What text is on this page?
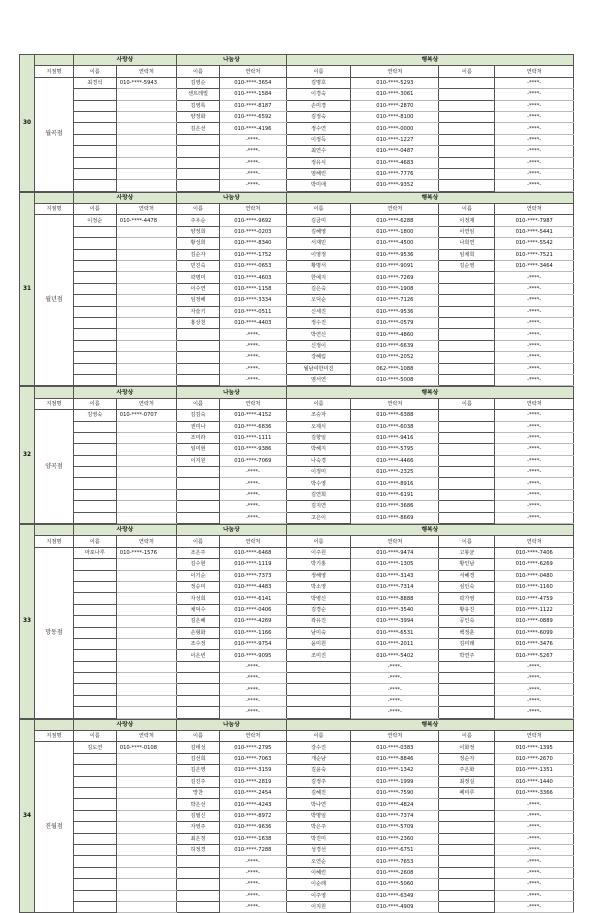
30		사랑상		나눔상		행복상			
	지점명	이름	연락처	이름	연락처	이름	연락처	이름	연락처
	월곡점	최경석	010-****-5943	김영순	010-****-3654	김명호	010-****-5293		-****-
				센트레빌	010-****-1584	이경숙	010-****-3061		-****-
				김영록	010-****-8187	손미경	010-****-2870		-****-
				양정화	010-****-6592	김정숙	010-****-8100		-****-
				김은선	010-****-4196	정수연	010-****-0000		-****-
					-****-	이정득	010-****-1227		-****-
					-****-	최연수	010-****-0487		-****-
					-****-	정유식	010-****-4683		-****-
					-****-	염해린	010-****-7776		-****-
					-****-	박미애	010-****-9352		-****-
31		사랑상		나눔상		행복상			
	지점명	이름	연락처	이름	연락처	이름	연락처	이름	연락처
	월년점	이정순	010-****-4478	주우순	010-****-9692	김금미	010-****-6288	이정재	010-****-7987
				양정희	010-****-0203	김혜영	010-****-1800	이연임	010-****-5441
				황성희	010-****-8340	서재민	010-****-4500	나희연	010-****-5542
				김순자	010-****-1752	이영정	010-****-9536	임채희	010-****-7521
				민진숙	010-****-0653	황명서	010-****-9091	김순영	010-****-3464
				곽명미	010-****-4603	한예지	010-****-7269		-****-
				이수연	010-****-1158	김은숙	010-****-1908		-****-
				임정해	010-****-3334	오덕순	010-****-7126		-****-
				자슬기	010-****-0511	신세진	010-****-9536		-****-
				홍상천	010-****-4403	정수진	010-****-0579		-****-
					-****-	박연신	010-****-4860		-****-
					-****-	신정이	010-****-6639		-****-
					-****-	강혜림	010-****-2052		-****-
					-****-	월남여한미진	062-****-1088		-****-
					-****-	염서연	010-****-5008		-****-
32		사랑상		나눔상		행복상			
	지점명	이름	연락처	이름	연락처	이름	연락처	이름	연락처
	양곡점	김영숙	010-****-0707	김김숙	010-****-4152	조승자	010-****-6388		-****-
				권미나	010-****-6836	오제식	010-****-6038		-****-
				조미라	010-****-1111	김향일	010-****-9416		-****-
				임미현	010-****-9386	박혜지	010-****-5795		-****-
				이지원	010-****-7069	나숙경	010-****-4466		-****-
					-****-	이정미	010-****-2325		-****-
					-****-	박수영	010-****-8916		-****-
					-****-	김연희	010-****-6191		-****-
					-****-	김지연	010-****-3686		-****-
					-****-	고은이	010-****-8669		-****-
33		사랑상		나눔상		행복상			
	지점명	이름	연락처	이름	연락처	이름	연락처	이름	연락처
	망동점	마포나루	010-****-1576	조은주	010-****-6468	이주원	010-****-9474	고봉균	010-****-7406
				김수현	010-****-1119	박기홍	010-****-1305	황인남	010-****-6269
				이기순	010-****-7373	정해영	010-****-3143	서혜경	010-****-0480
				정승미	010-****-4483	박소영	010-****-7314	심인숙	010-****-1160
				자성희	010-****-6141	박병신	010-****-8888	곽가영	010-****-4759
				채덕수	010-****-0406	김경순	010-****-3540	황유진	010-****-1122
				김은혜	010-****-4269	곽유진	010-****-3994	공인숙	010-****-0889
				손형화	010-****-1166	남미숙	010-****-6531	백정훈	010-****-6099
				조수정	010-****-9754	윤미원	010-****-2011	김미래	010-****-3476
				이은빈	010-****-9095	조미진	010-****-5402	박연주	010-****-5267
					-****-		-****-		-****-
					-****-		-****-		-****-
					-****-		-****-		-****-
					-****-		-****-		-****-
					-****-		-****-		-****-
34		사랑상		나눔상		행복상			
	지점명	이름	연락처	이름	연락처	이름	연락처	이름	연락처
	진월점	김도연	010-****-0108	김태성	010-****-2795	강수진	010-****-0383	이화정	010-****-1395
				김선희	010-****-7063	개순남	010-****-8846	정순자	010-****-2670
				김은영	010-****-3159	김윤숙	010-****-1342	주은화	010-****-1351
				김진주	010-****-2819	김정주	010-****-1999	최정실	010-****-1440
				망찬	010-****-2454	김혜진	010-****-7590	페미루	010-****-3366
				박은선	010-****-4243	박나연	010-****-4824		-****-
				김필신	010-****-8972	박명임	010-****-7374		-****-
				자영주	010-****-9636	박은주	010-****-5709		-****-
				최은정	010-****-1638	박진미	010-****-2360		-****-
				허정경	010-****-7288	성경선	010-****-6751		-****-
					-****-	오연순	010-****-7653		-****-
					-****-	이혜린	010-****-2608		-****-
					-****-	이순래	010-****-5060		-****-
					-****-	이주영	010-****-6349		-****-
					-****-	이지원	010-****-4909		-****-
